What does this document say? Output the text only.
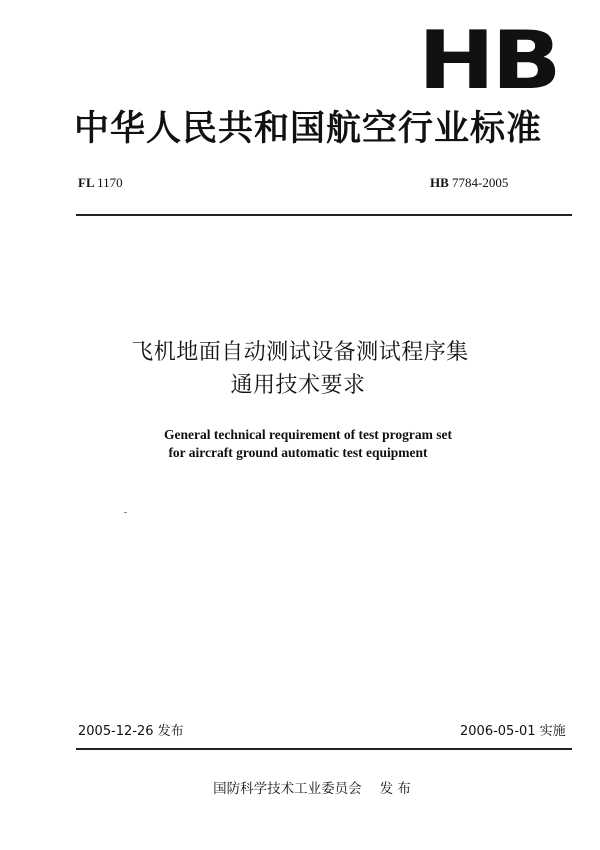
HB
中华人民共和国航空行业标准
FL 1170	HB 7784-2005
飞机地面自动测试设备测试程序集
通用技术要求
General technical requirement of test program set
for aircraft ground automatic test equipment
2005-12-26 发布	2006-05-01 实施
国防科学技术工业委员会 发 布
